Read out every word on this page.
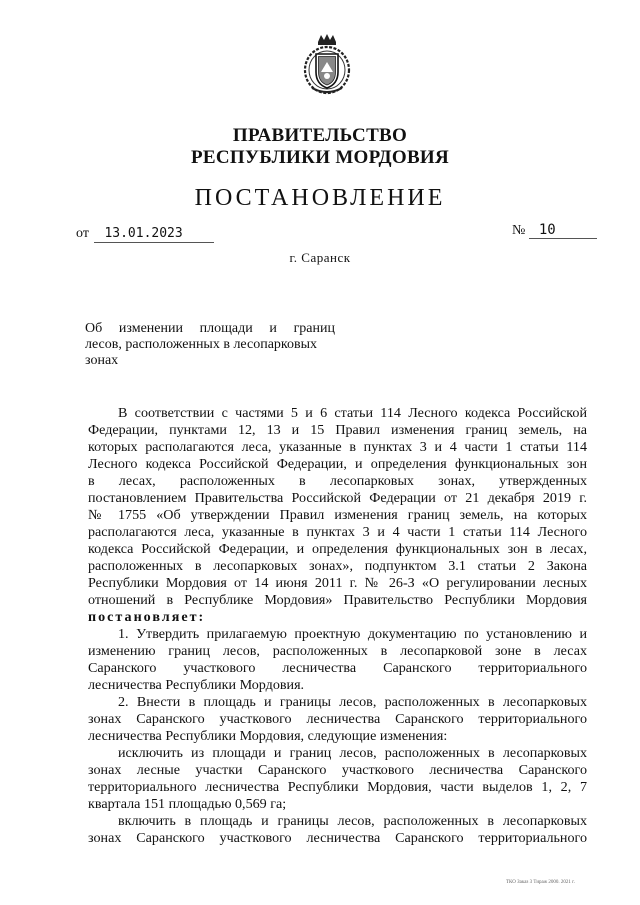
ПРАВИТЕЛЬСТВО
РЕСПУБЛИКИ МОРДОВИЯ
ПОСТАНОВЛЕНИЕ
от 13.01.2023	№ 10
г. Саранск
Об изменении площади и границ
лесов, расположенных в лесопарковых
зонах
В соответствии с частями 5 и 6 статьи 114 Лесного кодекса Российской
Федерации, пунктами 12, 13 и 15 Правил изменения границ земель, на
которых располагаются леса, указанные в пунктах 3 и 4 части 1 статьи 114
Лесного кодекса Российской Федерации, и определения функциональных зон
в лесах, расположенных в лесопарковых зонах, утвержденных
постановлением Правительства Российской Федерации от 21 декабря 2019 г.
№ 1755 «Об утверждении Правил изменения границ земель, на которых
располагаются леса, указанные в пунктах 3 и 4 части 1 статьи 114 Лесного
кодекса Российской Федерации, и определения функциональных зон в лесах,
расположенных в лесопарковых зонах», подпунктом 3.1 статьи 2 Закона
Республики Мордовия от 14 июня 2011 г. № 26-З «О регулировании лесных
отношений в Республике Мордовия» Правительство Республики Мордовия
постановляет:
1. Утвердить прилагаемую проектную документацию по установлению и
изменению границ лесов, расположенных в лесопарковой зоне в лесах
Саранского участкового лесничества Саранского территориального
лесничества Республики Мордовия.
2. Внести в площадь и границы лесов, расположенных в лесопарковых
зонах Саранского участкового лесничества Саранского территориального
лесничества Республики Мордовия, следующие изменения:
исключить из площади и границ лесов, расположенных в лесопарковых
зонах лесные участки Саранского участкового лесничества Саранского
территориального лесничества Республики Мордовия, части выделов 1, 2, 7
квартала 151 площадью 0,569 га;
включить в площадь и границы лесов, расположенных в лесопарковых
зонах Саранского участкового лесничества Саранского территориального
ТКО Заказ 3 Тираж 2000. 2021 г.
